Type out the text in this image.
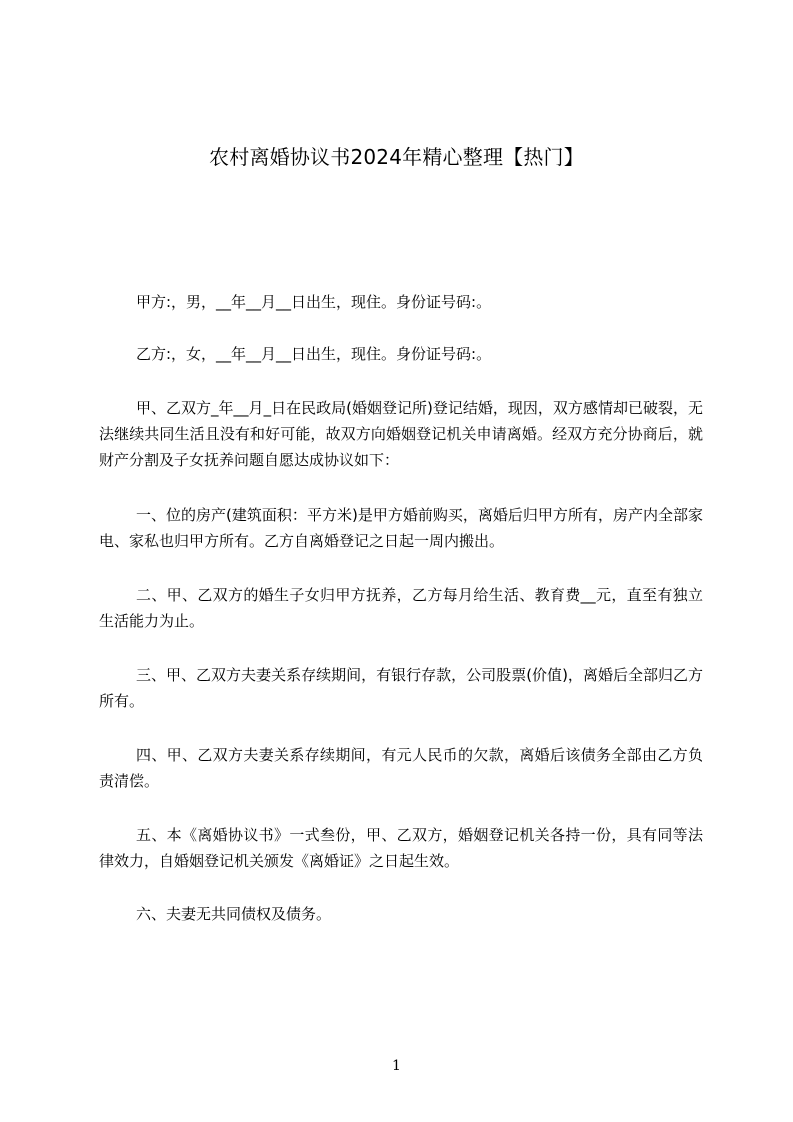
农村离婚协议书2024年精心整理【热门】

甲方:，男，__年__月__日出生，现住。身份证号码:。

乙方:，女，__年__月__日出生，现住。身份证号码:。

甲、乙双方_年__月_日在民政局(婚姻登记所)登记结婚，现因，双方感情却已破裂，无法继续共同生活且没有和好可能，故双方向婚姻登记机关申请离婚。经双方充分协商后，就财产分割及子女抚养问题自愿达成协议如下：

一、位的房产(建筑面积：平方米)是甲方婚前购买，离婚后归甲方所有，房产内全部家电、家私也归甲方所有。乙方自离婚登记之日起一周内搬出。

二、甲、乙双方的婚生子女归甲方抚养，乙方每月给生活、教育费__元，直至有独立生活能力为止。

三、甲、乙双方夫妻关系存续期间，有银行存款，公司股票(价值)，离婚后全部归乙方所有。

四、甲、乙双方夫妻关系存续期间，有元人民币的欠款，离婚后该债务全部由乙方负责清偿。

五、本《离婚协议书》一式叁份，甲、乙双方，婚姻登记机关各持一份，具有同等法律效力，自婚姻登记机关颁发《离婚证》之日起生效。

六、夫妻无共同债权及债务。

1
